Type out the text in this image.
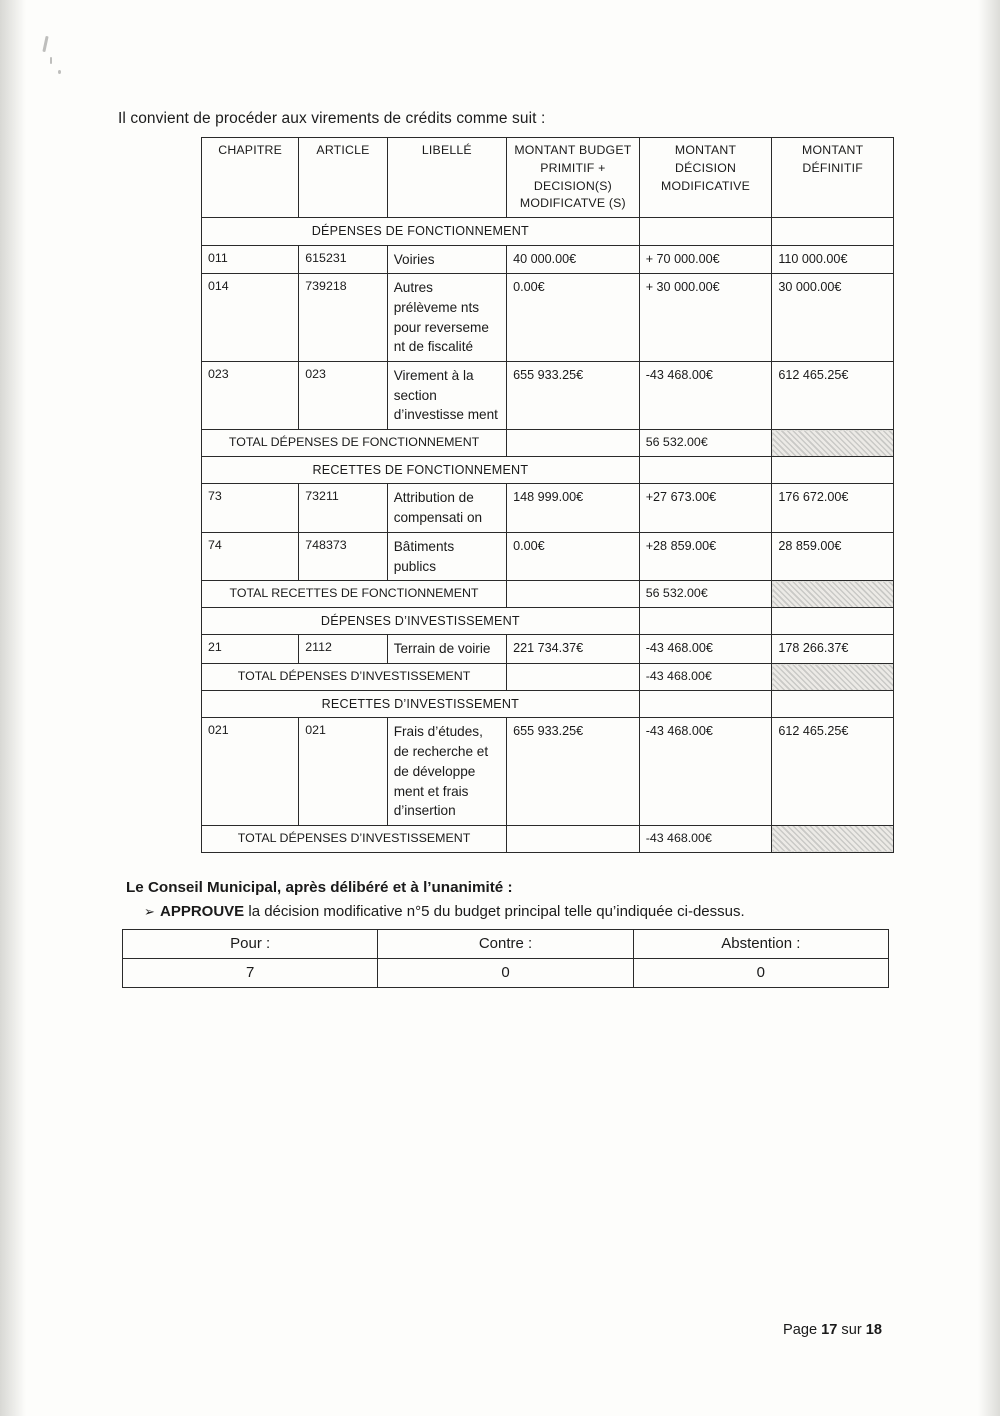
Il convient de procéder aux virements de crédits comme suit :
CHAPITRE	ARTICLE	LIBELLÉ	MONTANT BUDGET PRIMITIF + DECISION(S) MODIFICATVE (S)	MONTANT DÉCISION MODIFICATIVE	MONTANT DÉFINITIF
DÉPENSES DE FONCTIONNEMENT					
011	615231	Voiries	40 000.00€	+ 70 000.00€	110 000.00€
014	739218	Autres prélèveme nts pour reverseme nt de fiscalité	0.00€	+ 30 000.00€	30 000.00€
023	023	Virement à la section d’investisse ment	655 933.25€	-43 468.00€	612 465.25€
TOTAL DÉPENSES DE FONCTIONNEMENT				56 532.00€	
RECETTES DE FONCTIONNEMENT					
73	73211	Attribution de compensati on	148 999.00€	+27 673.00€	176 672.00€
74	748373	Bâtiments publics	0.00€	+28 859.00€	28 859.00€
TOTAL RECETTES DE FONCTIONNEMENT				56 532.00€	
DÉPENSES D’INVESTISSEMENT					
21	2112	Terrain de voirie	221 734.37€	-43 468.00€	178 266.37€
TOTAL DÉPENSES D’INVESTISSEMENT				-43 468.00€	
RECETTES D’INVESTISSEMENT					
021	021	Frais d’études, de recherche et de développe ment et frais d’insertion	655 933.25€	-43 468.00€	612 465.25€
TOTAL DÉPENSES D’INVESTISSEMENT				-43 468.00€	
Le Conseil Municipal, après délibéré et à l’unanimité :
➢ APPROUVE la décision modificative n°5 du budget principal telle qu’indiquée ci-dessus.
Pour :	Contre :	Abstention :
7	0	0
Page 17 sur 18
